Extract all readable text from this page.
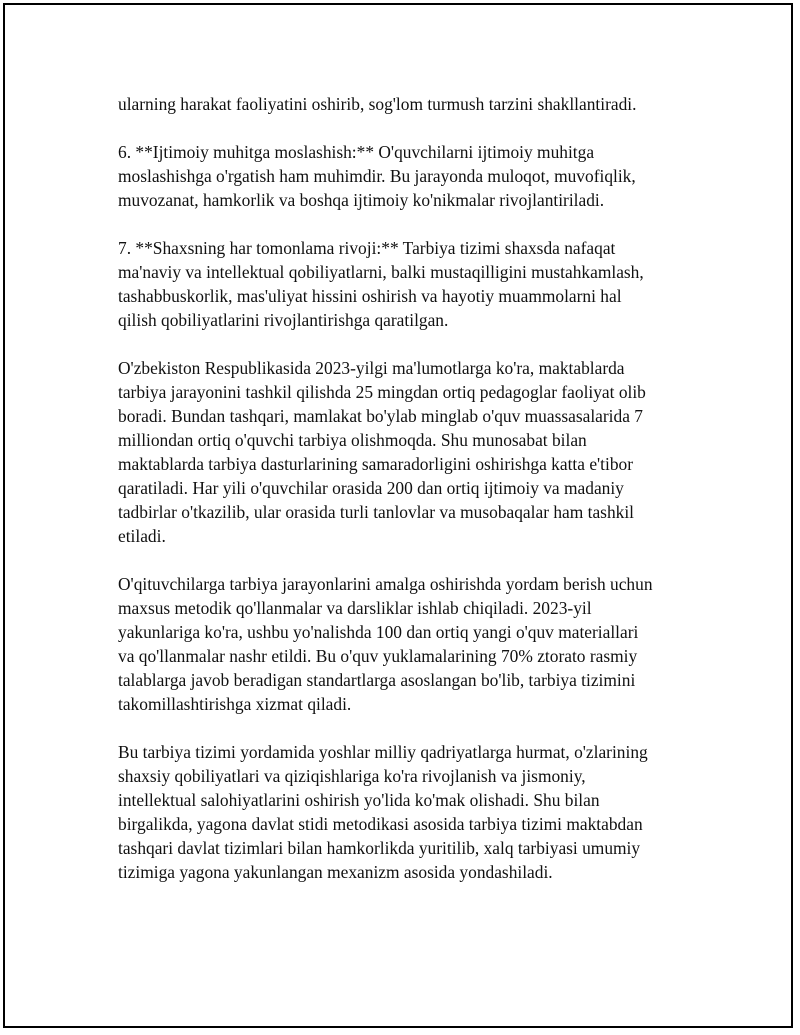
ularning harakat faoliyatini oshirib, sog'lom turmush tarzini shakllantiradi.

6. **Ijtimoiy muhitga moslashish:** O'quvchilarni ijtimoiy muhitga
moslashishga o'rgatish ham muhimdir. Bu jarayonda muloqot, muvofiqlik,
muvozanat, hamkorlik va boshqa ijtimoiy ko'nikmalar rivojlantiriladi.

7. **Shaxsning har tomonlama rivoji:** Tarbiya tizimi shaxsda nafaqat
ma'naviy va intellektual qobiliyatlarni, balki mustaqilligini mustahkamlash,
tashabbuskorlik, mas'uliyat hissini oshirish va hayotiy muammolarni hal
qilish qobiliyatlarini rivojlantirishga qaratilgan.

O'zbekiston Respublikasida 2023-yilgi ma'lumotlarga ko'ra, maktablarda
tarbiya jarayonini tashkil qilishda 25 mingdan ortiq pedagoglar faoliyat olib
boradi. Bundan tashqari, mamlakat bo'ylab minglab o'quv muassasalarida 7
milliondan ortiq o'quvchi tarbiya olishmoqda. Shu munosabat bilan
maktablarda tarbiya dasturlarining samaradorligini oshirishga katta e'tibor
qaratiladi. Har yili o'quvchilar orasida 200 dan ortiq ijtimoiy va madaniy
tadbirlar o'tkazilib, ular orasida turli tanlovlar va musobaqalar ham tashkil
etiladi.

O'qituvchilarga tarbiya jarayonlarini amalga oshirishda yordam berish uchun
maxsus metodik qo'llanmalar va darsliklar ishlab chiqiladi. 2023-yil
yakunlariga ko'ra, ushbu yo'nalishda 100 dan ortiq yangi o'quv materiallari
va qo'llanmalar nashr etildi. Bu o'quv yuklamalarining 70% ztorato rasmiy
talablarga javob beradigan standartlarga asoslangan bo'lib, tarbiya tizimini
takomillashtirishga xizmat qiladi.

Bu tarbiya tizimi yordamida yoshlar milliy qadriyatlarga hurmat, o'zlarining
shaxsiy qobiliyatlari va qiziqishlariga ko'ra rivojlanish va jismoniy,
intellektual salohiyatlarini oshirish yo'lida ko'mak olishadi. Shu bilan
birgalikda, yagona davlat stidi metodikasi asosida tarbiya tizimi maktabdan
tashqari davlat tizimlari bilan hamkorlikda yuritilib, xalq tarbiyasi umumiy
tizimiga yagona yakunlangan mexanizm asosida yondashiladi.
